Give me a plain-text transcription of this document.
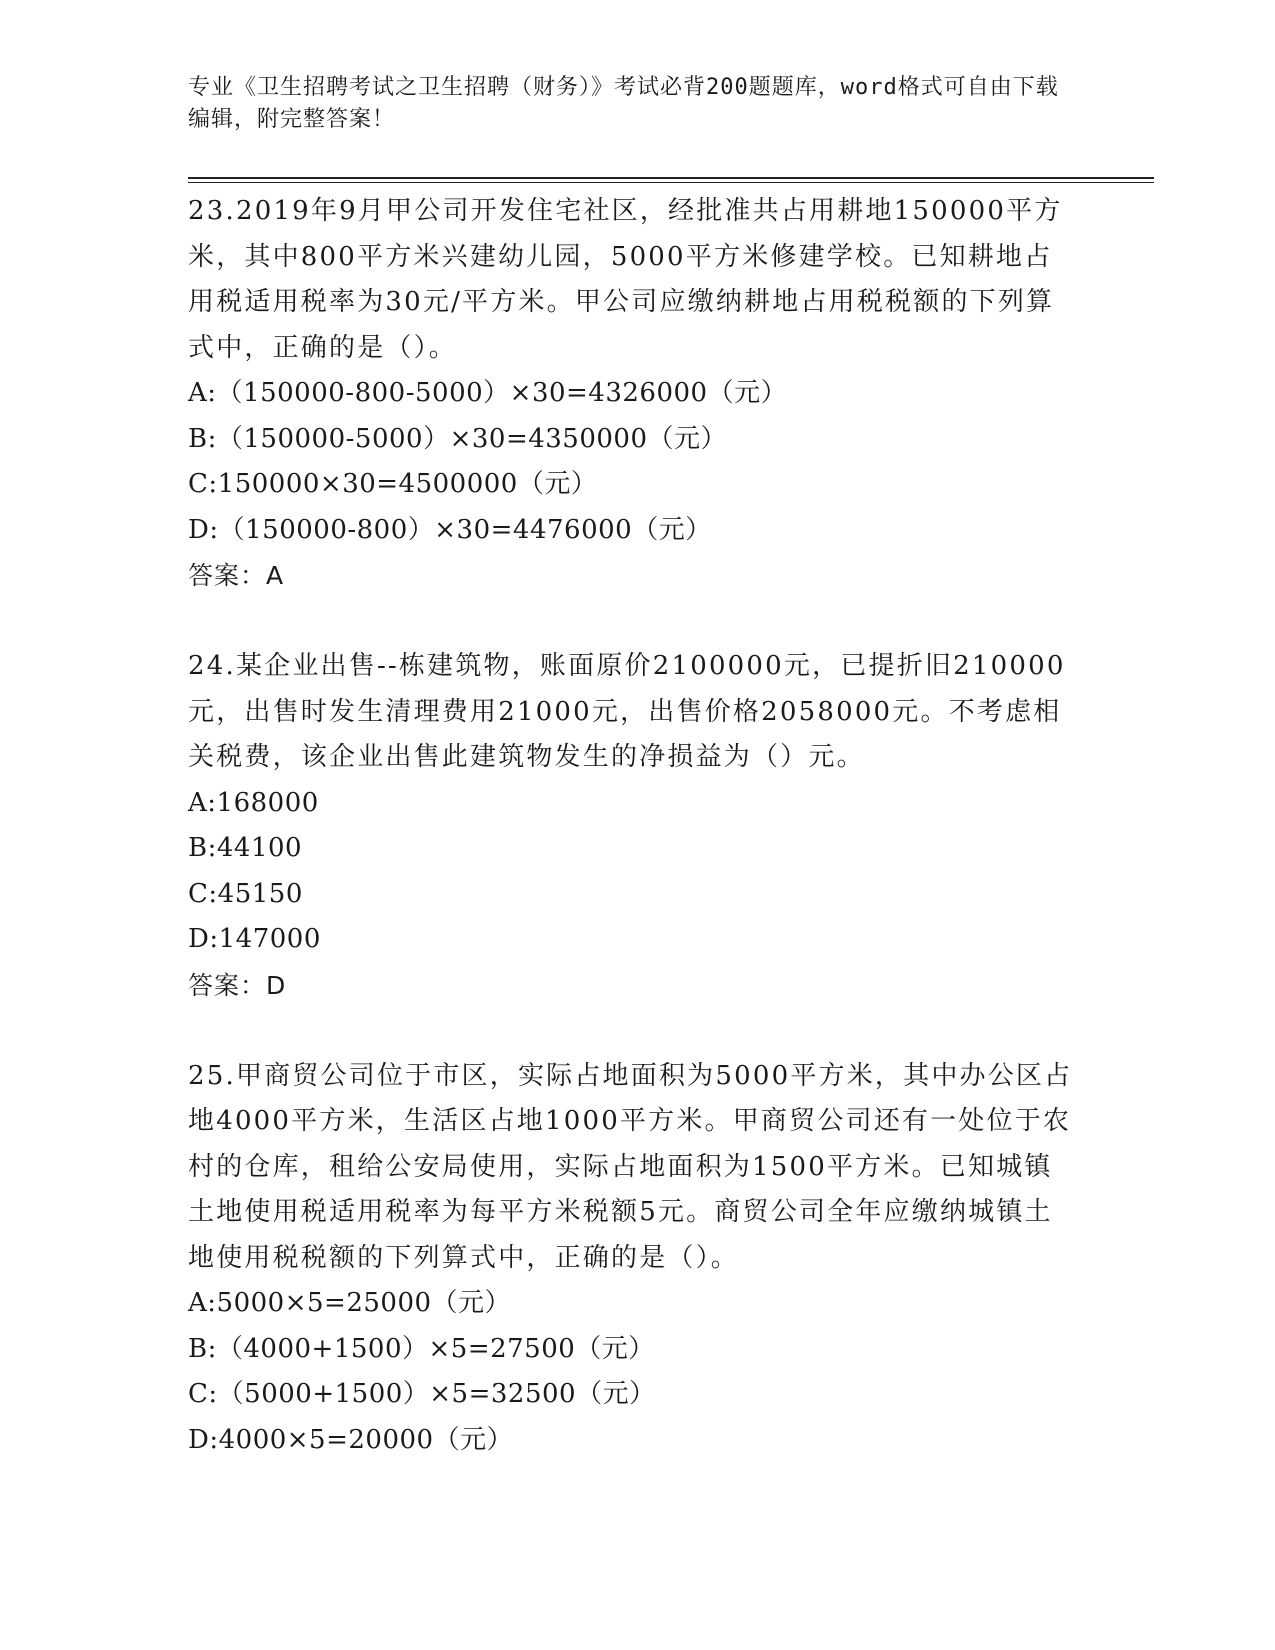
专业《卫生招聘考试之卫生招聘（财务）》考试必背200题题库，word格式可自由下载编辑，附完整答案！

23.2019年9月甲公司开发住宅社区，经批准共占用耕地150000平方米，其中800平方米兴建幼儿园，5000平方米修建学校。已知耕地占用税适用税率为30元/平方米。甲公司应缴纳耕地占用税税额的下列算式中，正确的是（）。

A:（150000-800-5000）×30=4326000（元）

B:（150000-5000）×30=4350000（元）

C:150000×30=4500000（元）

D:（150000-800）×30=4476000（元）

答案：A

24.某企业出售--栋建筑物，账面原价2100000元，已提折旧210000元，出售时发生清理费用21000元，出售价格2058000元。不考虑相关税费，该企业出售此建筑物发生的净损益为（）元。

A:168000

B:44100

C:45150

D:147000

答案：D

25.甲商贸公司位于市区，实际占地面积为5000平方米，其中办公区占地4000平方米，生活区占地1000平方米。甲商贸公司还有一处位于农村的仓库，租给公安局使用，实际占地面积为1500平方米。已知城镇土地使用税适用税率为每平方米税额5元。商贸公司全年应缴纳城镇土地使用税税额的下列算式中，正确的是（）。

A:5000×5=25000（元）

B:（4000+1500）×5=27500（元）

C:（5000+1500）×5=32500（元）

D:4000×5=20000（元）
